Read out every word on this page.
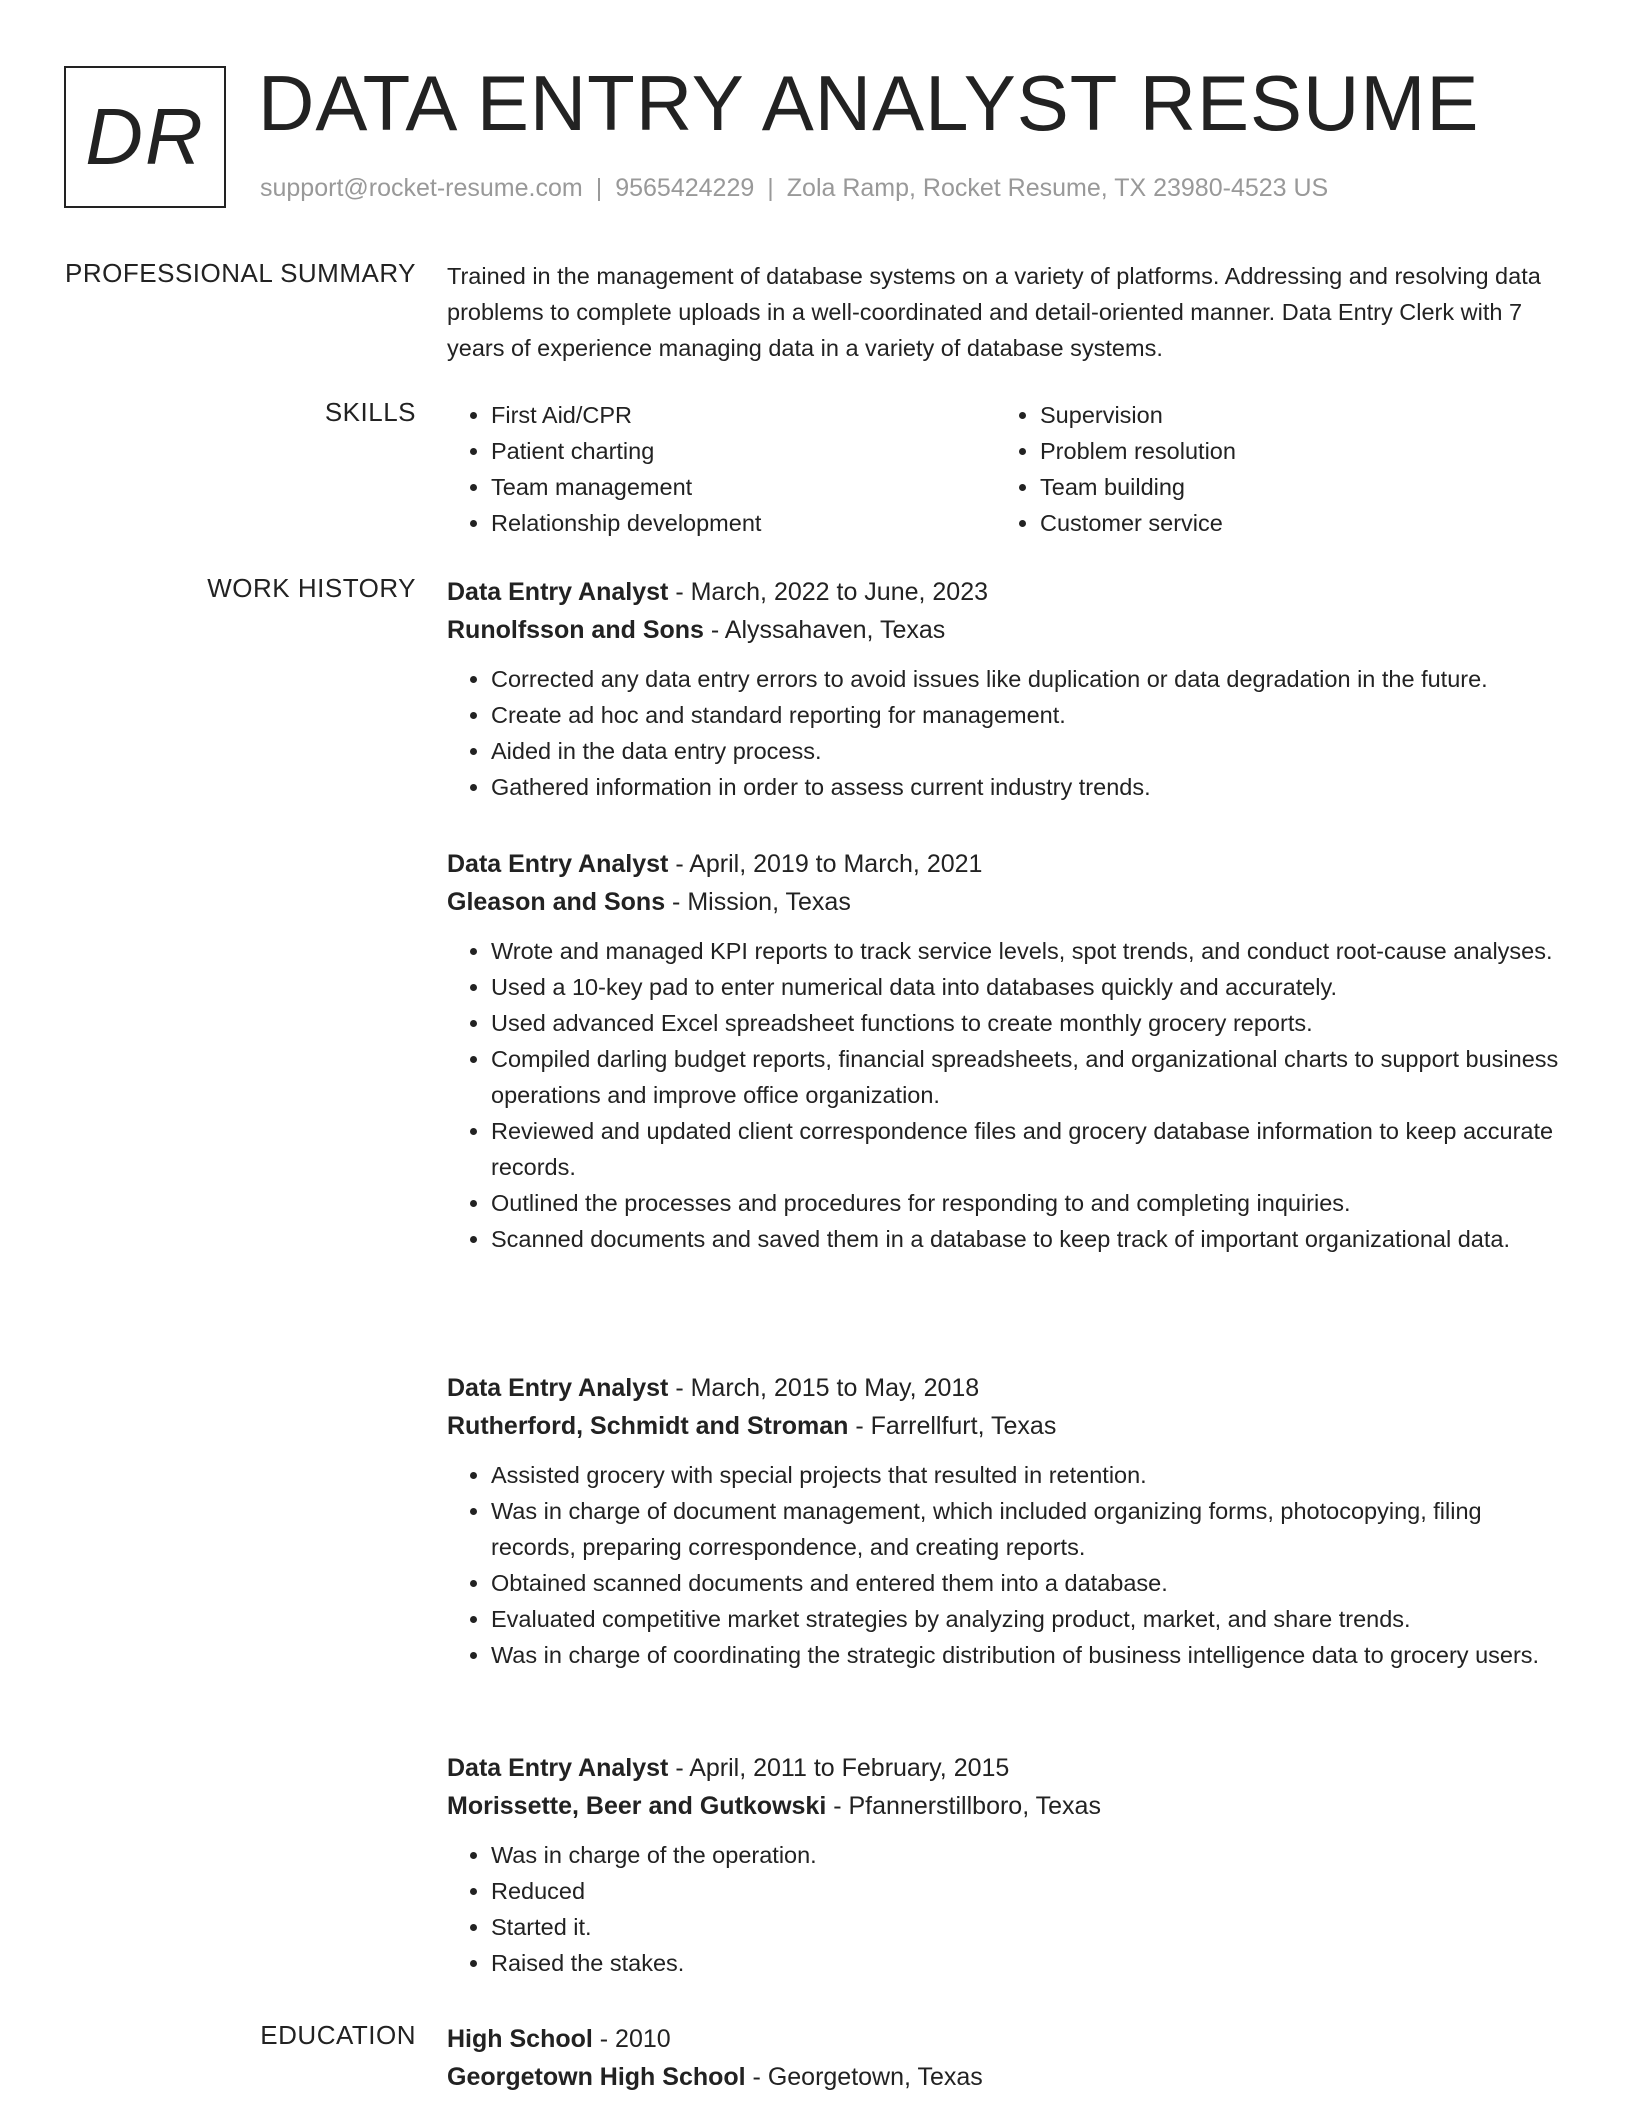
DR DATA ENTRY ANALYST RESUME
support@rocket-resume.com | 9565424229 | Zola Ramp, Rocket Resume, TX 23980-4523 US
PROFESSIONAL SUMMARY Trained in the management of database systems on a variety of platforms. Addressing and resolving data problems to complete uploads in a well-coordinated and detail-oriented manner. Data Entry Clerk with 7 years of experience managing data in a variety of database systems.

SKILLS
•	First Aid/CPR
• Patient charting
• Team management
• Relationship development
• Supervision
• Problem resolution
• Team building
• Customer service
WORK HISTORY Data Entry Analyst - March, 2022 to June, 2023
Runolfsson and Sons - Alyssahaven, Texas
• Corrected any data entry errors to avoid issues like duplication or data degradation in the future.
• Create ad hoc and standard reporting for management.
• Aided in the data entry process.
• Gathered information in order to assess current industry trends.
Data Entry Analyst - April, 2019 to March, 2021
Gleason and Sons - Mission, Texas
• Wrote and managed KPI reports to track service levels, spot trends, and conduct root-cause analyses.
• Used a 10-key pad to enter numerical data into databases quickly and accurately.
• Used advanced Excel spreadsheet functions to create monthly grocery reports.
• Compiled darling budget reports, financial spreadsheets, and organizational charts to support business operations and improve office organization.
• Reviewed and updated client correspondence files and grocery database information to keep accurate records.
• Outlined the processes and procedures for responding to and completing inquiries.
• Scanned documents and saved them in a database to keep track of important organizational data.
Data Entry Analyst - March, 2015 to May, 2018
Rutherford, Schmidt and Stroman - Farrellfurt, Texas
• Assisted grocery with special projects that resulted in retention.
• Was in charge of document management, which included organizing forms, photocopying, filing records, preparing correspondence, and creating reports.
• Obtained scanned documents and entered them into a database.
• Evaluated competitive market strategies by analyzing product, market, and share trends.
• Was in charge of coordinating the strategic distribution of business intelligence data to grocery users.
Data Entry Analyst - April, 2011 to February, 2015
Morissette, Beer and Gutkowski - Pfannerstillboro, Texas
• Was in charge of the operation.
• Reduced
• Started it.
• Raised the stakes.
EDUCATION High School - 2010
Georgetown High School - Georgetown, Texas
